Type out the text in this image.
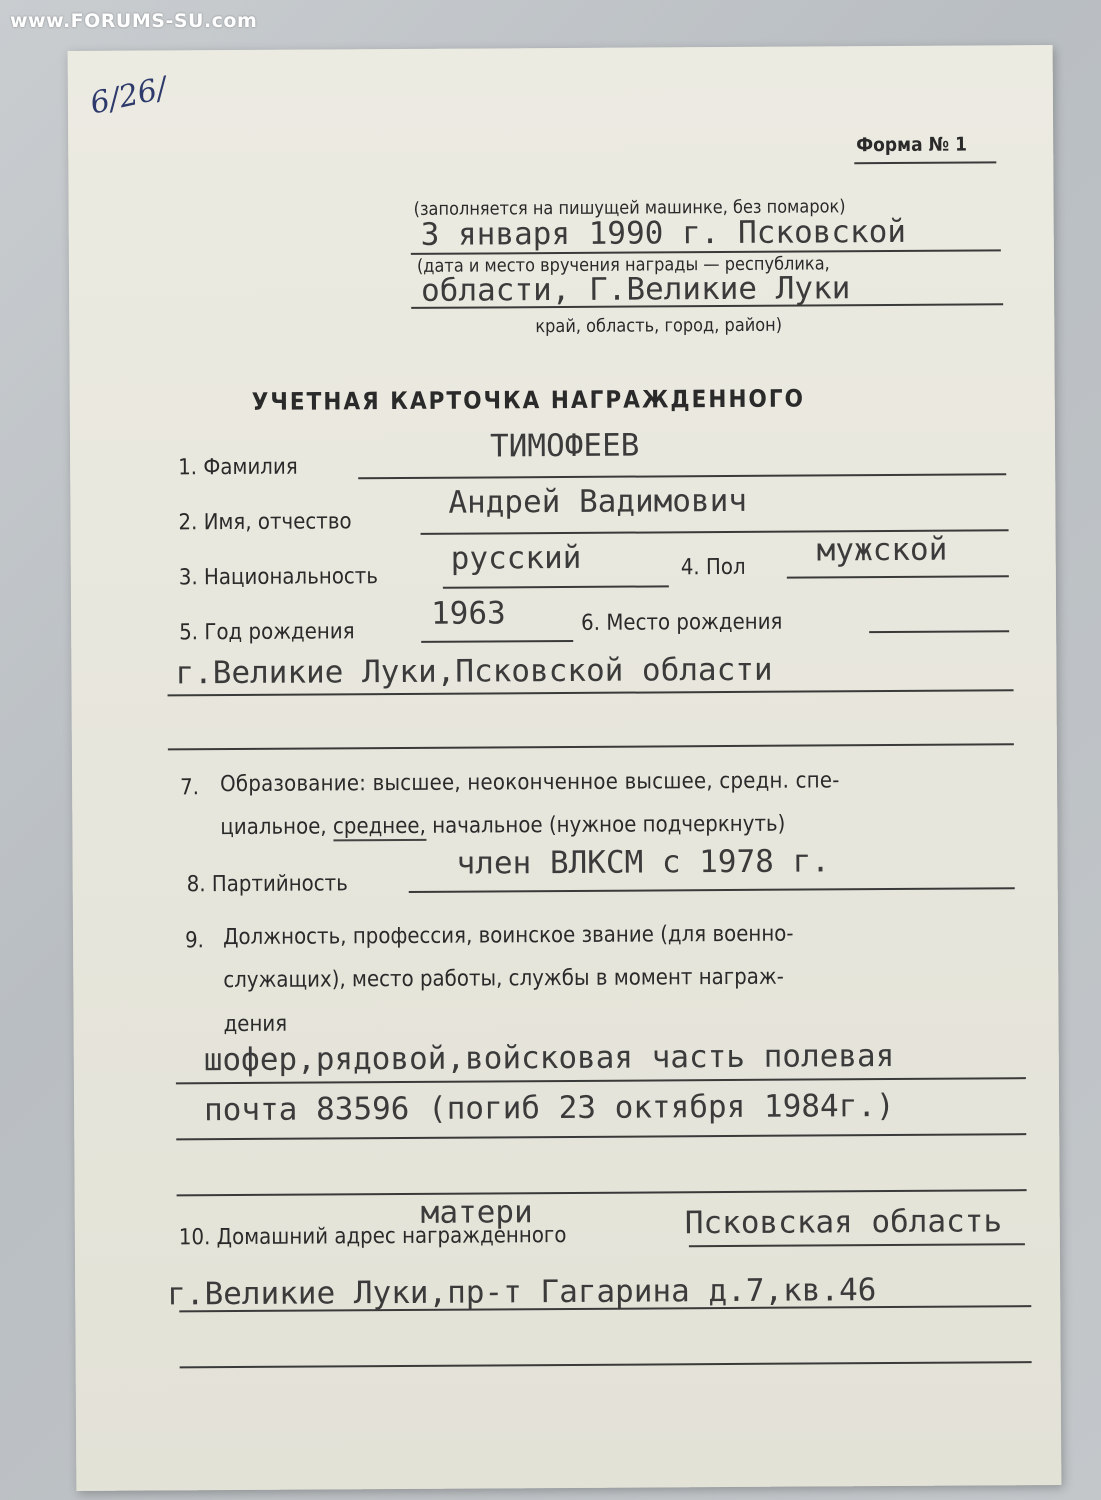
www.FORUMS-SU.com
6/26/
Форма № 1
(заполняется на пишущей машинке, без помарок)
3 января 1990 г. Псковской
(дата и место вручения награды — республика,
области, Г.Великие Луки
край, область, город, район)
УЧЕТНАЯ КАРТОЧКА НАГРАЖДЕННОГО
1. Фамилия
ТИМОФЕЕВ
2. Имя, отчество
Андрей Вадимович
3. Национальность
русский	4. Пол мужской
5. Год рождения
1963	6. Место рождения
г.Великие Луки,Псковской области
7. Образование: высшее, неоконченное высшее, средн. спе-
циальное, среднее, начальное (нужное подчеркнуть)
8. Партийность
член ВЛКСМ с 1978 г.
9. Должность, профессия, воинское звание (для военно-
служащих), место работы, службы в момент награж-
дения
шофер,рядовой,войсковая часть полевая
почта 83596 (погиб 23 октября 1984г.)
матери
10. Домашний адрес награжденного	Псковская область
г.Великие Луки,пр-т Гагарина д.7,кв.46
